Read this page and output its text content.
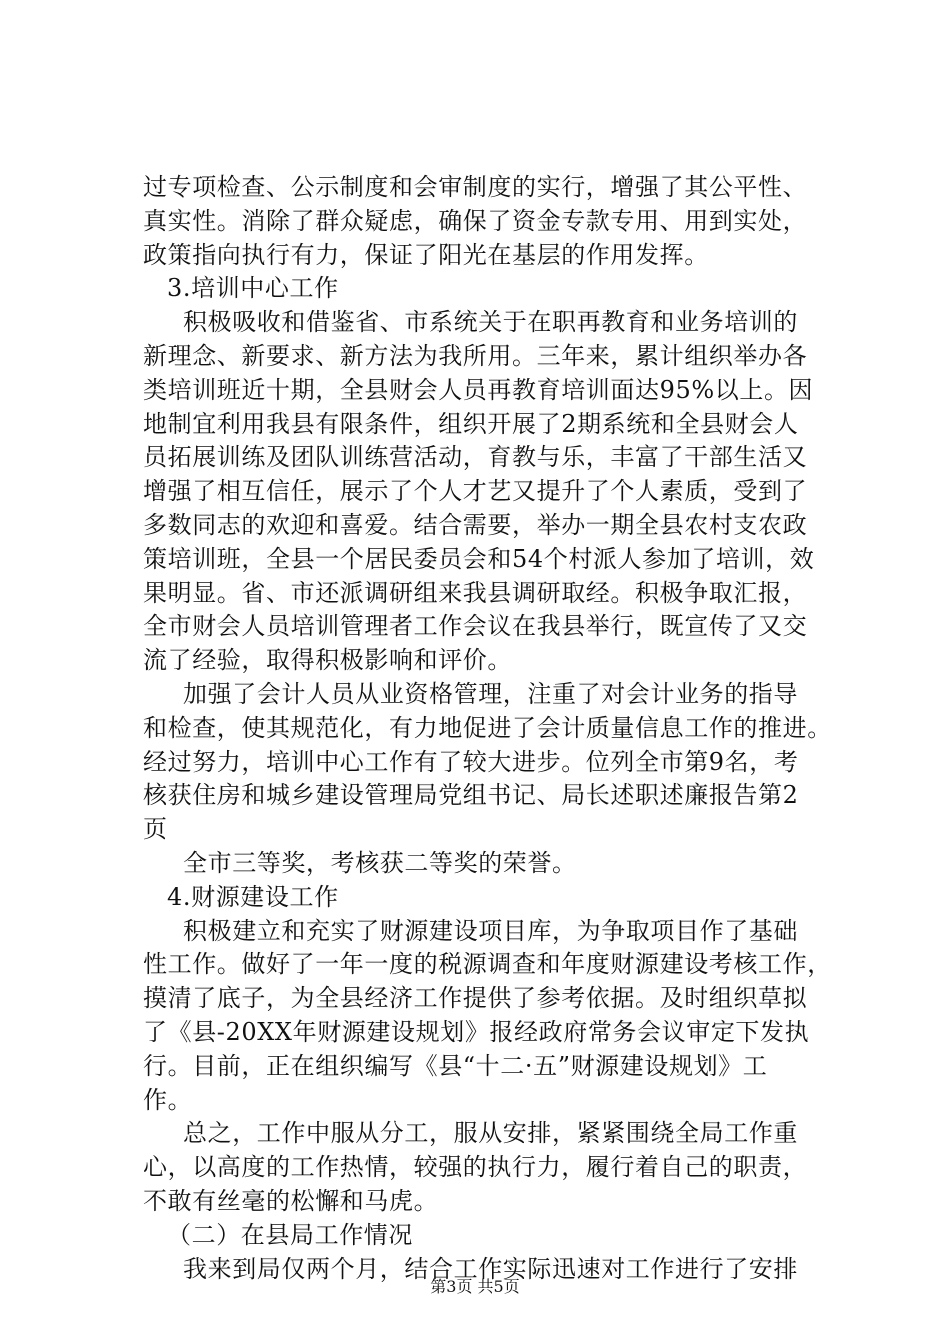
过专项检查、公示制度和会审制度的实行，增强了其公平性、
真实性。消除了群众疑虑，确保了资金专款专用、用到实处，
政策指向执行有力，保证了阳光在基层的作用发挥。
3.培训中心工作
积极吸收和借鉴省、市系统关于在职再教育和业务培训的
新理念、新要求、新方法为我所用。三年来，累计组织举办各
类培训班近十期，全县财会人员再教育培训面达95%以上。因
地制宜利用我县有限条件，组织开展了2期系统和全县财会人
员拓展训练及团队训练营活动，育教与乐，丰富了干部生活又
增强了相互信任，展示了个人才艺又提升了个人素质，受到了
多数同志的欢迎和喜爱。结合需要，举办一期全县农村支农政
策培训班，全县一个居民委员会和54个村派人参加了培训，效
果明显。省、市还派调研组来我县调研取经。积极争取汇报，
全市财会人员培训管理者工作会议在我县举行，既宣传了又交
流了经验，取得积极影响和评价。
加强了会计人员从业资格管理，注重了对会计业务的指导
和检查，使其规范化，有力地促进了会计质量信息工作的推进。
经过努力，培训中心工作有了较大进步。位列全市第9名，考
核获住房和城乡建设管理局党组书记、局长述职述廉报告第2
页
全市三等奖，考核获二等奖的荣誉。
4.财源建设工作
积极建立和充实了财源建设项目库，为争取项目作了基础
性工作。做好了一年一度的税源调查和年度财源建设考核工作，
摸清了底子，为全县经济工作提供了参考依据。及时组织草拟
了《县-20XX年财源建设规划》报经政府常务会议审定下发执
行。目前，正在组织编写《县“十二·五”财源建设规划》工
作。
总之，工作中服从分工，服从安排，紧紧围绕全局工作重
心，以高度的工作热情，较强的执行力，履行着自己的职责，
不敢有丝毫的松懈和马虎。
（二）在县局工作情况
我来到局仅两个月，结合工作实际迅速对工作进行了安排
第3页 共5页
